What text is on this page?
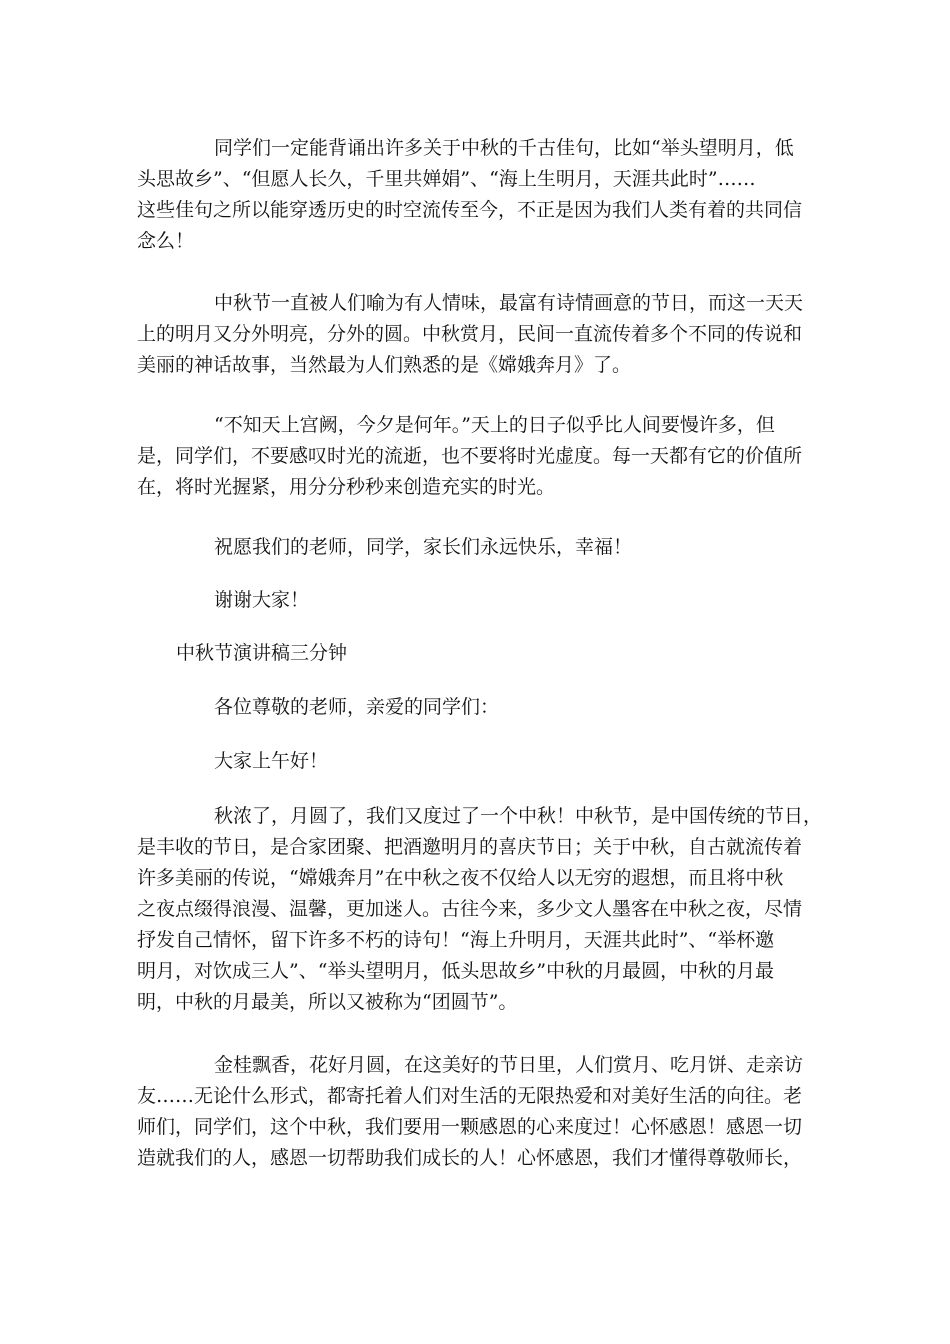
同学们一定能背诵出许多关于中秋的千古佳句，比如“举头望明月，低
头思故乡”、“但愿人长久，千里共婵娟”、“海上生明月，天涯共此时”……
这些佳句之所以能穿透历史的时空流传至今，不正是因为我们人类有着的共同信
念么！

中秋节一直被人们喻为有人情味，最富有诗情画意的节日，而这一天天
上的明月又分外明亮，分外的圆。中秋赏月，民间一直流传着多个不同的传说和
美丽的神话故事，当然最为人们熟悉的是《嫦娥奔月》了。

“不知天上宫阙，今夕是何年。”天上的日子似乎比人间要慢许多，但
是，同学们，不要感叹时光的流逝，也不要将时光虚度。每一天都有它的价值所
在，将时光握紧，用分分秒秒来创造充实的时光。

祝愿我们的老师，同学，家长们永远快乐，幸福！

谢谢大家！

中秋节演讲稿三分钟

各位尊敬的老师，亲爱的同学们：

大家上午好！

秋浓了，月圆了，我们又度过了一个中秋！中秋节，是中国传统的节日，
是丰收的节日，是合家团聚、把酒邀明月的喜庆节日；关于中秋，自古就流传着
许多美丽的传说，“嫦娥奔月”在中秋之夜不仅给人以无穷的遐想，而且将中秋
之夜点缀得浪漫、温馨，更加迷人。古往今来，多少文人墨客在中秋之夜，尽情
抒发自己情怀，留下许多不朽的诗句！“海上升明月，天涯共此时”、“举杯邀
明月，对饮成三人”、“举头望明月，低头思故乡”中秋的月最圆，中秋的月最
明，中秋的月最美，所以又被称为“团圆节”。

金桂飘香，花好月圆，在这美好的节日里，人们赏月、吃月饼、走亲访
友……无论什么形式，都寄托着人们对生活的无限热爱和对美好生活的向往。老
师们，同学们，这个中秋，我们要用一颗感恩的心来度过！心怀感恩！感恩一切
造就我们的人，感恩一切帮助我们成长的人！心怀感恩，我们才懂得尊敬师长，
